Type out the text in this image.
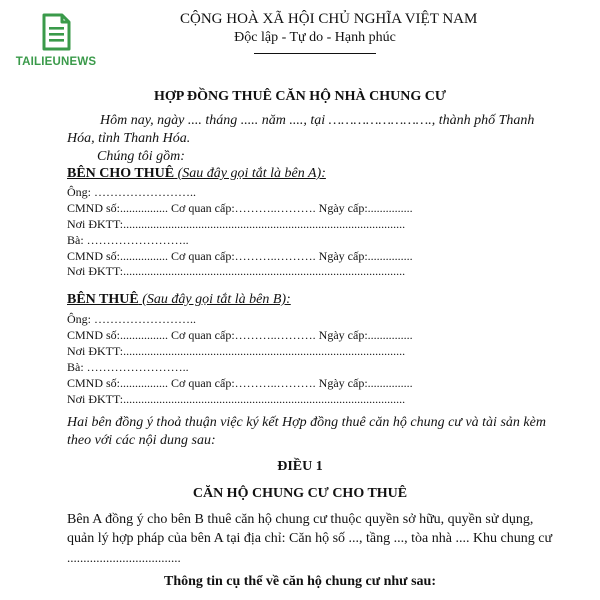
TAILIEUNEWS
CỘNG HOÀ XÃ HỘI CHỦ NGHĨA VIỆT NAM
Độc lập - Tự do - Hạnh phúc
HỢP ĐỒNG THUÊ CĂN HỘ NHÀ CHUNG CƯ
Hôm nay, ngày .... tháng ..... năm ...., tại ……………………., thành phố Thanh
Hóa, tỉnh Thanh Hóa.
Chúng tôi gồm:
BÊN CHO THUÊ (Sau đây gọi tắt là bên A):
Ông: ……………………..
CMND số:................ Cơ quan cấp:………..………. Ngày cấp:...............
Nơi ĐKTT:..............................................................................................
Bà: ……………………..
CMND số:................ Cơ quan cấp:………..………. Ngày cấp:...............
Nơi ĐKTT:..............................................................................................
BÊN THUÊ (Sau đây gọi tắt là bên B):
Ông: ……………………..
CMND số:................ Cơ quan cấp:………..………. Ngày cấp:...............
Nơi ĐKTT:..............................................................................................
Bà: ……………………..
CMND số:................ Cơ quan cấp:………..………. Ngày cấp:...............
Nơi ĐKTT:..............................................................................................
Hai bên đồng ý thoả thuận việc ký kết Hợp đồng thuê căn hộ chung cư và tài sản kèm
theo với các nội dung sau:
ĐIỀU 1
CĂN HỘ CHUNG CƯ CHO THUÊ
Bên A đồng ý cho bên B thuê căn hộ chung cư thuộc quyền sở hữu, quyền sử dụng,
quản lý hợp pháp của bên A tại địa chỉ: Căn hộ số ..., tầng ..., tòa nhà .... Khu chung cư
...................................
Thông tin cụ thể về căn hộ chung cư như sau:
